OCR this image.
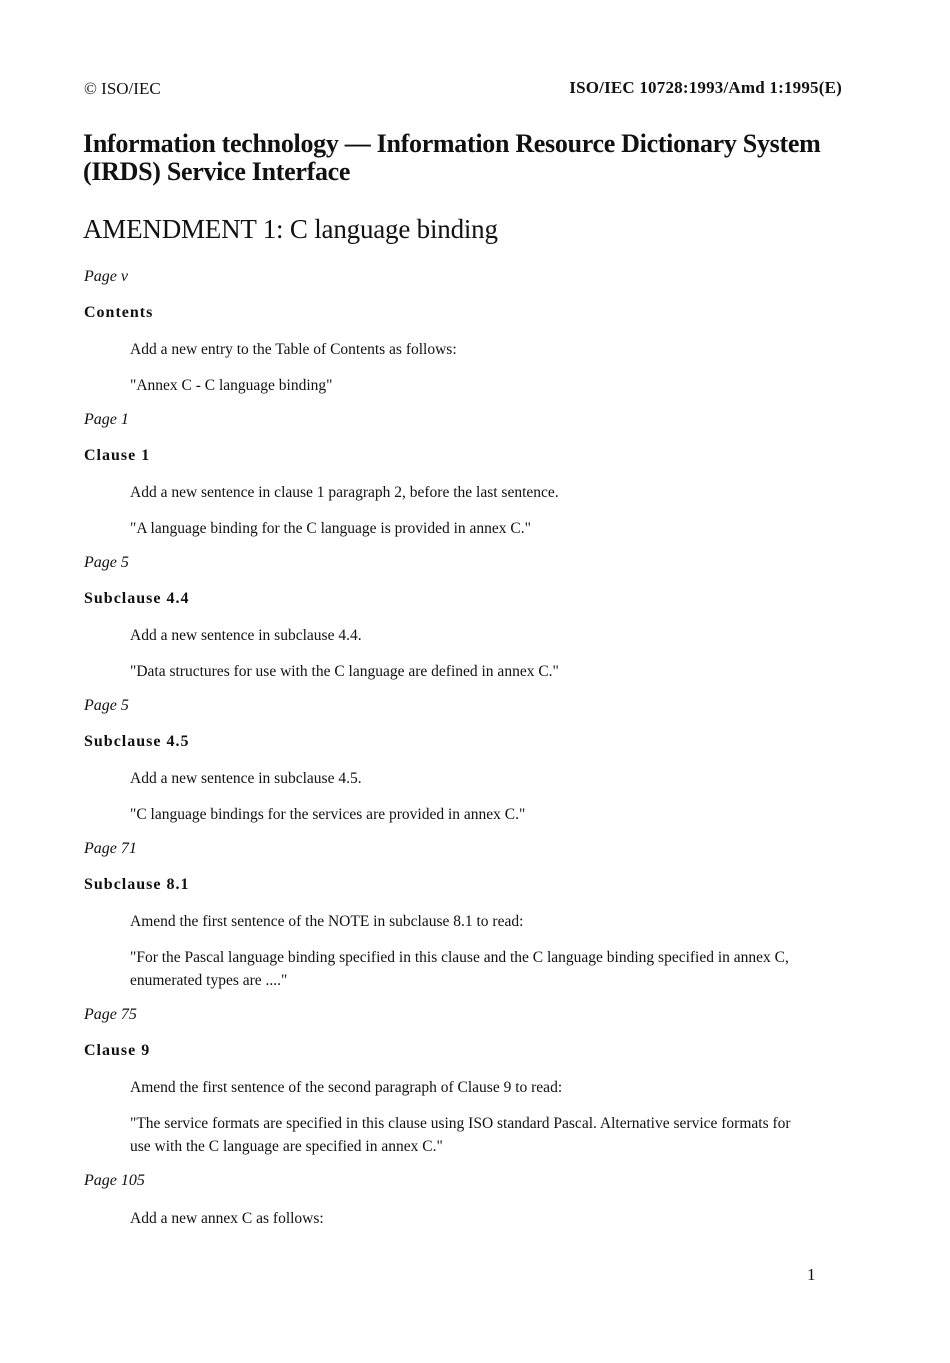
© ISO/IEC	ISO/IEC 10728:1993/Amd 1:1995(E)
Information technology — Information Resource Dictionary System (IRDS) Service Interface
AMENDMENT 1: C language binding
Page v
Contents
Add a new entry to the Table of Contents as follows:
"Annex C - C language binding"
Page 1
Clause 1
Add a new sentence in clause 1 paragraph 2, before the last sentence.
"A language binding for the C language is provided in annex C."
Page 5
Subclause 4.4
Add a new sentence in subclause 4.4.
"Data structures for use with the C language are defined in annex C."
Page 5
Subclause 4.5
Add a new sentence in subclause 4.5.
"C language bindings for the services are provided in annex C."
Page 71
Subclause 8.1
Amend the first sentence of the NOTE in subclause 8.1 to read:
"For the Pascal language binding specified in this clause and the C language binding specified in annex C, enumerated types are ...."
Page 75
Clause 9
Amend the first sentence of the second paragraph of Clause 9 to read:
"The service formats are specified in this clause using ISO standard Pascal. Alternative service formats for use with the C language are specified in annex C."
Page 105
Add a new annex C as follows:
1
